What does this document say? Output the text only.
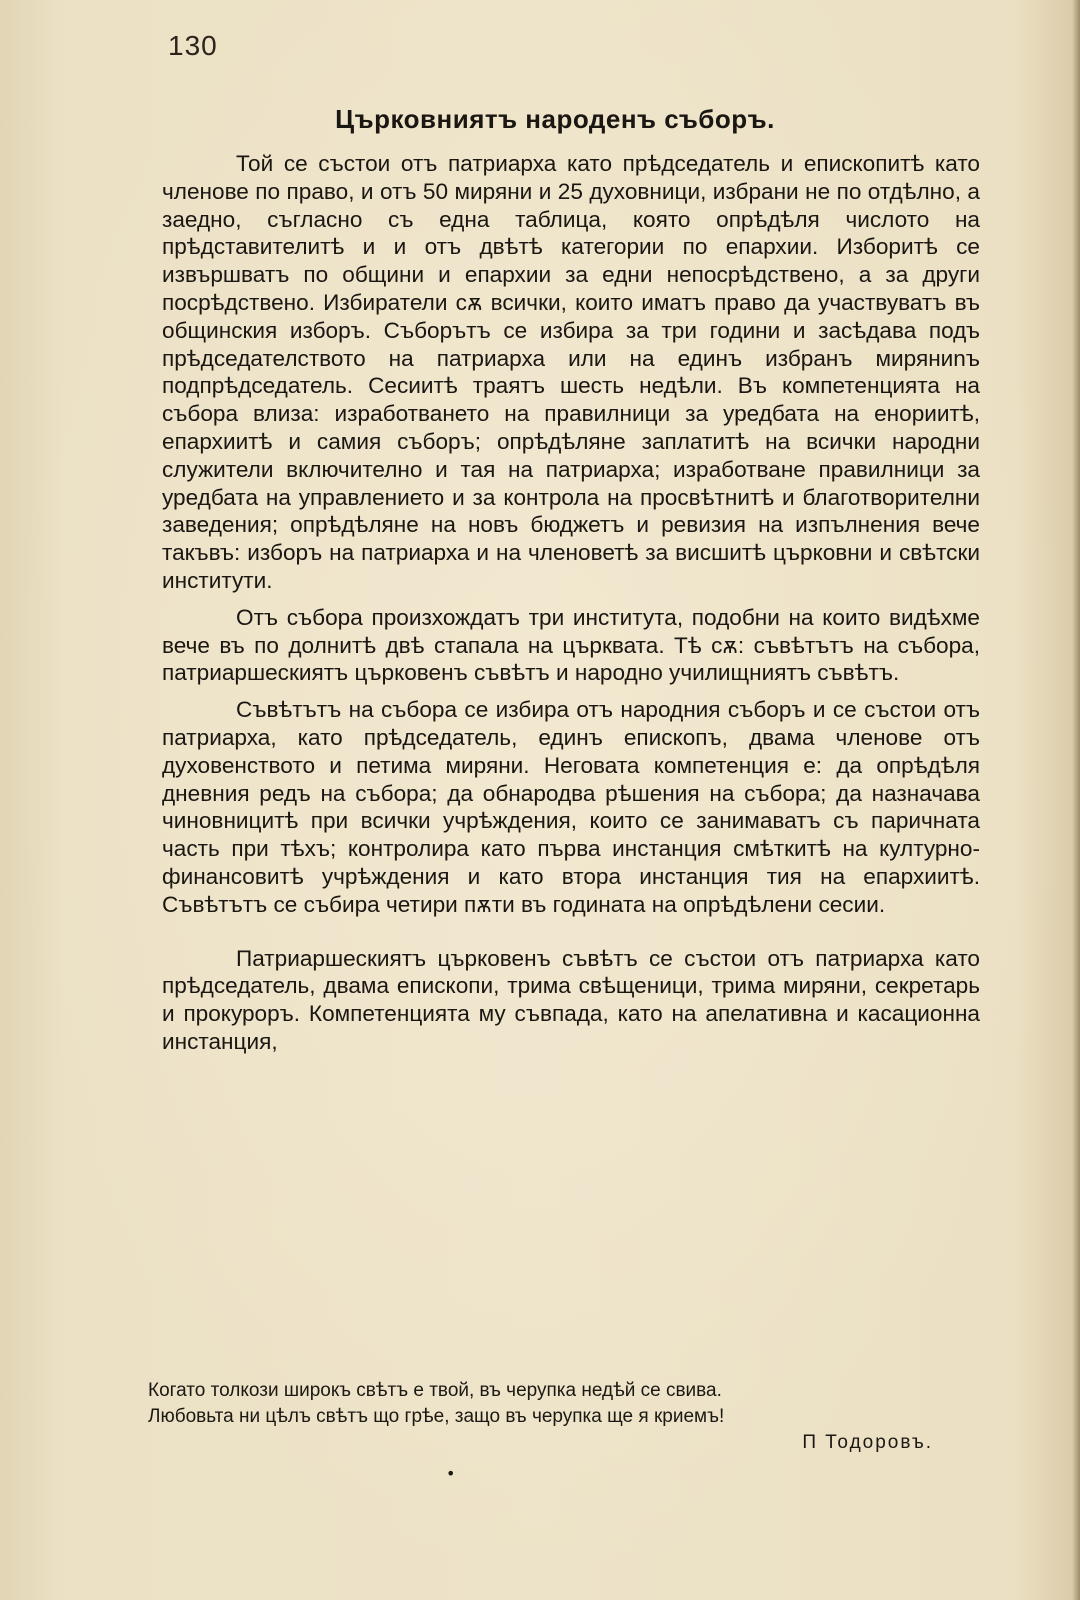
130
Църковниятъ народенъ съборъ.

Той се състои отъ патриарха като прѣдседатель и епископитѣ като членове по право, и отъ 50 миряни и 25 духовници, избрани не по отдѣлно, а заедно, съгласно съ една таблица, която опрѣдѣля числото на прѣдставителитѣ и и отъ двѣтѣ категории по епархии. Изборитѣ се извършватъ по общини и епархии за едни непосрѣдствено, а за други посрѣдствено. Избиратели сѫ всички, които иматъ право да участвуватъ въ общинския изборъ. Съборътъ се избира за три години и засѣдава подъ прѣдседателството на патриарха или на единъ избранъ миряниnъ подпрѣдседатель. Сесиитѣ траятъ шесть недѣли. Въ компетенцията на събора влиза: изработването на правилници за уредбата на енориитѣ, епархиитѣ и самия съборъ; опрѣдѣляне заплатитѣ на всички народни служители включително и тая на патриарха; изработване правилници за уредбата на управлението и за контрола на просвѣтнитѣ и благотворителни заведения; опрѣдѣляне на новъ бюджетъ и ревизия на изпълнения вече такъвъ: изборъ на патриарха и на членоветѣ за висшитѣ църковни и свѣтски институти.

Отъ събора произхождатъ три института, подобни на които видѣхме вече въ по долнитѣ двѣ стапала на църквата. Тѣ сѫ: съвѣтътъ на събора, патриаршескиятъ църковенъ съвѣтъ и народно училищниятъ съвѣтъ.

Съвѣтътъ на събора се избира отъ народния съборъ и се състои отъ патриарха, като прѣдседатель, единъ епископъ, двама членове отъ духовенството и петима миряни. Неговата компетенция е: да опрѣдѣля дневния редъ на събора; да обнародва рѣшения на събора; да назначава чиновницитѣ при всички учрѣждения, които се занимаватъ съ паричната часть при тѣхъ; контролира като първа инстанция смѣткитѣ на културно-финансовитѣ учрѣждения и като втора инстанция тия на епархиитѣ. Съвѣтътъ се събира четири пѫти въ годината на опрѣдѣлени сесии.

Патриаршескиятъ църковенъ съвѣтъ се състои отъ патриарха като прѣдседатель, двама епископи, трима свѣщеници, трима миряни, секретарь и прокуроръ. Компетенцията му съвпада, като на апелативна и касационна инстанция,

Когато толкози широкъ свѣтъ е твой, въ черупка недѣй се свива.
Любовьта ни цѣлъ свѣтъ що грѣе, защо въ черупка ще я криемъ!
П Тодоровъ.
•
